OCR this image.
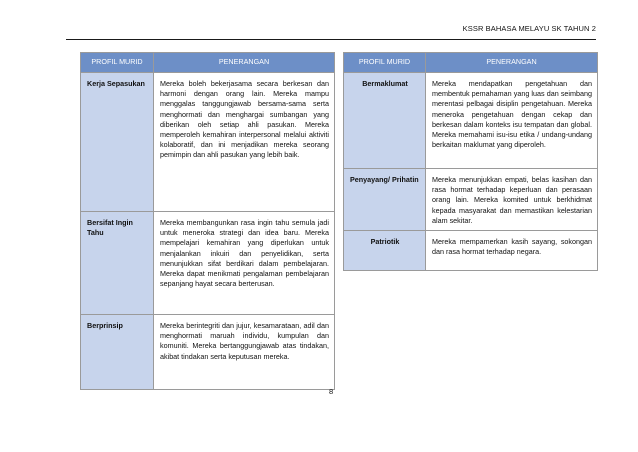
KSSR BAHASA MELAYU SK TAHUN 2
PROFIL MURID	PENERANGAN
Kerja Sepasukan	Mereka boleh bekerjasama secara berkesan dan harmoni dengan orang lain. Mereka mampu menggalas tanggungjawab bersama-sama serta menghormati dan menghargai sumbangan yang diberikan oleh setiap ahli pasukan. Mereka memperoleh kemahiran interpersonal melalui aktiviti kolaboratif, dan ini menjadikan mereka seorang pemimpin dan ahli pasukan yang lebih baik.
Bersifat Ingin Tahu	Mereka membangunkan rasa ingin tahu semula jadi untuk meneroka strategi dan idea baru. Mereka mempelajari kemahiran yang diperlukan untuk menjalankan inkuiri dan penyelidikan, serta menunjukkan sifat berdikari dalam pembelajaran. Mereka dapat menikmati pengalaman pembelajaran sepanjang hayat secara berterusan.
Berprinsip	Mereka berintegriti dan jujur, kesamarataan, adil dan menghormati maruah individu, kumpulan dan komuniti. Mereka bertanggungjawab atas tindakan, akibat tindakan serta keputusan mereka.
PROFIL MURID	PENERANGAN
Bermaklumat	Mereka mendapatkan pengetahuan dan membentuk pemahaman yang luas dan seimbang merentasi pelbagai disiplin pengetahuan. Mereka meneroka pengetahuan dengan cekap dan berkesan dalam konteks isu tempatan dan global. Mereka memahami isu-isu etika / undang-undang berkaitan maklumat yang diperoleh.
Penyayang/ Prihatin	Mereka menunjukkan empati, belas kasihan dan rasa hormat terhadap keperluan dan perasaan orang lain. Mereka komited untuk berkhidmat kepada masyarakat dan memastikan kelestarian alam sekitar.
Patriotik	Mereka mempamerkan kasih sayang, sokongan dan rasa hormat terhadap negara.
8
